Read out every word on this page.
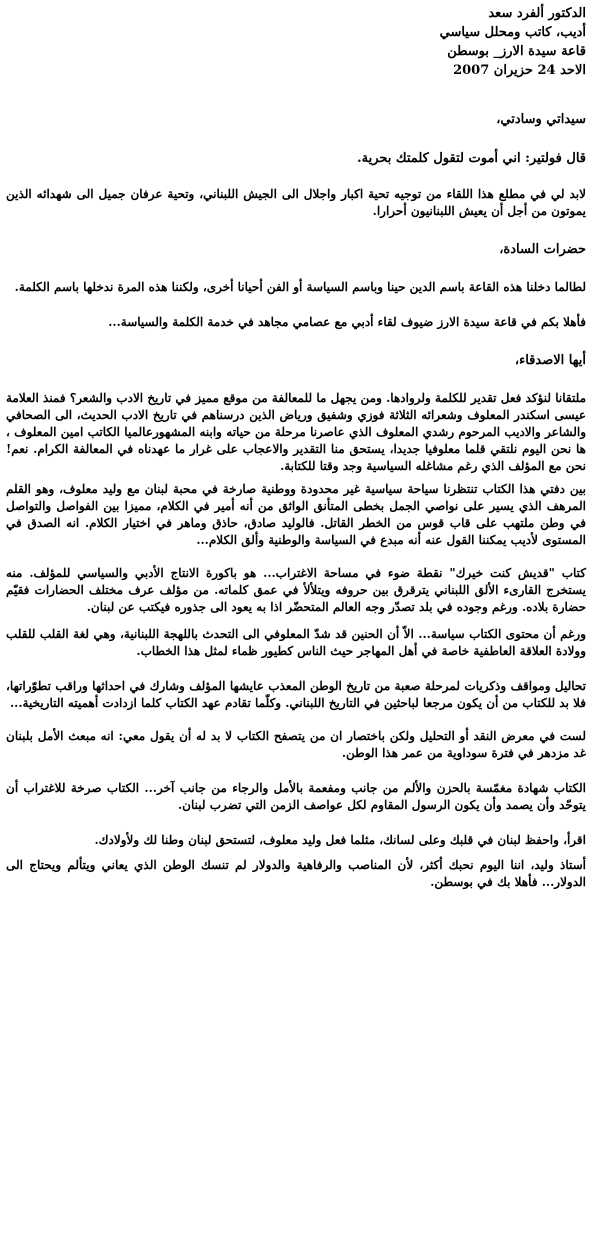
الدكتور ألفرد سعد

أديب، كاتب ومحلل سياسي

قاعة سيدة الارز_ بوسطن

الاحد 24 حزيران 2007

سيداتي وسادتي،

قال فولتير: اني أموت لتقول كلمتك بحرية.

لابد لي في مطلع هذا اللقاء من توجيه تحية اكبار واجلال الى الجيش اللبناني، وتحية عرفان جميل الى شهدائه الذين يموتون من أجل أن يعيش اللبنانيون أحرارا.

حضرات السادة،

لطالما دخلنا هذه القاعة باسم الدين حينا وباسم السياسة أو الفن أحيانا أخرى، ولكننا هذه المرة ندخلها باسم الكلمة.

فأهلا بكم في قاعة سيدة الارز ضيوف لقاء أدبي مع عصامي مجاهد في خدمة الكلمة والسياسة...

أيها الاصدقاء،

ملتقانا لنؤكد فعل تقدير للكلمة ولروادها. ومن يجهل ما للمعالفة من موقع مميز في تاريخ الادب والشعر؟ فمنذ العلامة عيسى اسكندر المعلوف وشعرائه الثلاثة فوزي وشفيق ورياض الذين درسناهم في تاريخ الادب الحديث، الى الصحافي والشاعر والاديب المرحوم رشدي المعلوف الذي عاصرنا مرحلة من حياته وابنه المشهورعالميا الكاتب امين المعلوف ، ها نحن اليوم نلتقي قلما معلوفيا جديدا، يستحق منا التقدير والاعجاب على غرار ما عهدناه في المعالفة الكرام. نعم! نحن مع المؤلف الذي رغم مشاغله السياسية وجد وقتا للكتابة.

بين دفتي هذا الكتاب تنتظرنا سياحة سياسية غير محدودة ووطنية صارخة في محبة لبنان مع وليد معلوف، وهو القلم المرهف الذي يسير على نواصي الجمل بخطى المتأنق الواثق من أنه أمير في الكلام، مميزا بين الفواصل والتواصل في وطن ملتهب على قاب قوس من الخطر القاتل. فالوليد صادق، حاذق وماهر في اختيار الكلام. انه الصدق في المستوى لأديب يمكننا القول عنه أنه مبدع في السياسة والوطنية وألق الكلام...

كتاب "قديش كنت خيرك" نقطة ضوء في مساحة الاغتراب... هو باكورة الانتاج الأدبي والسياسي للمؤلف. منه يستخرج القارىء الألق اللبناني يترقرق بين حروفه ويتلألأ في عمق كلماته. من مؤلف عرف مختلف الحضارات فقيّم حضارة بلاده. ورغم وجوده في بلد تصدّر وجه العالم المتحضّر اذا به يعود الى جذوره فيكتب عن لبنان.

ورغم أن محتوى الكتاب سياسة... الاّ أن الحنين قد شدّ المعلوفي الى التحدث باللهجة اللبنانية، وهي لغة القلب للقلب وولادة العلاقة العاطفية خاصة في أهل المهاجر حيث الناس كطيور ظماء لمثل هذا الخطاب.

تحاليل ومواقف وذكريات لمرحلة صعبة من تاريخ الوطن المعذب عايشها المؤلف وشارك في احداثها وراقب تطوّراتها، فلا بد للكتاب من أن يكون مرجعا لباحثين في التاريخ اللبناني. وكلّما تقادم عهد الكتاب كلما ازدادت أهميته التاريخية...

لست في معرض النقد أو التحليل ولكن باختصار ان من يتصفح الكتاب لا بد له أن يقول معي: انه مبعث الأمل بلبنان غد مزدهر في فترة سوداوية من عمر هذا الوطن.

الكتاب شهادة مغمّسة بالحزن والألم من جانب ومفعمة بالأمل والرجاء من جانب آخر... الكتاب صرخة للاغتراب أن يتوحّد وأن يصمد وأن يكون الرسول المقاوم لكل عواصف الزمن التي تضرب لبنان.

اقرأ، واحفظ لبنان في قلبك وعلى لسانك، مثلما فعل وليد معلوف، لتستحق لبنان وطنا لك ولأولادك.

أستاذ وليد، اننا اليوم نحبك أكثر، لأن المناصب والرفاهية والدولار لم تنسك الوطن الذي يعاني ويتألم ويحتاج الى الدولار... فأهلا بك في بوسطن.
